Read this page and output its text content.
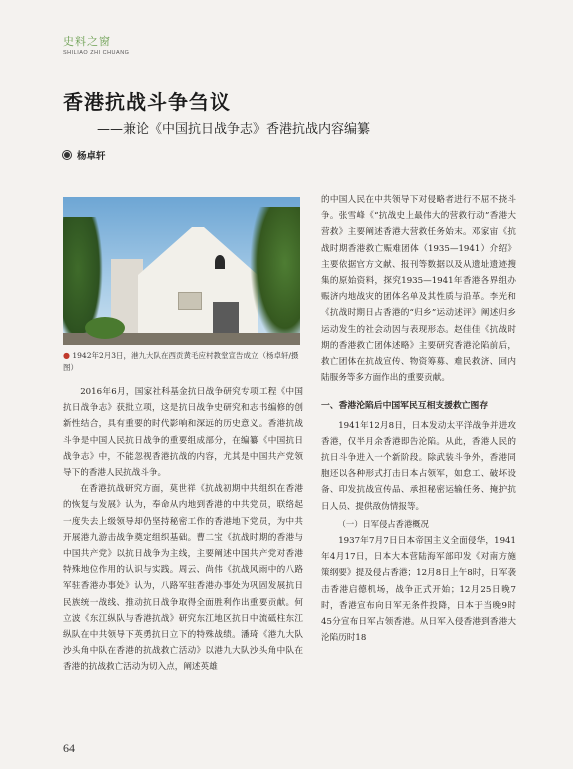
史料之窗
SHILIAO ZHI CHUANG
香港抗战斗争刍议
——兼论《中国抗日战争志》香港抗战内容编纂
杨卓轩
● 1942年2月3日，港九大队在西贡黄毛应村教堂宣告成立（杨卓轩/摄图）

2016年6月，国家社科基金抗日战争研究专项工程《中国抗日战争志》获批立项，这是抗日战争史研究和志书编修的创新性结合，具有重要的时代影响和深远的历史意义。香港抗战斗争是中国人民抗日战争的重要组成部分，在编纂《中国抗日战争志》中，不能忽视香港抗战的内容，尤其是中国共产党领导下的香港人民抗战斗争。

在香港抗战研究方面，莫世祥《抗战初期中共组织在香港的恢复与发展》认为，奉命从内地到香港的中共党员，联络起一度失去上级领导却仍坚持秘密工作的香港地下党员，为中共开展港九游击战争奠定组织基础。曹二宝《抗战时期的香港与中国共产党》以抗日战争为主线，主要阐述中国共产党对香港特殊地位作用的认识与实践。周云、尚伟《抗战风雨中的八路军驻香港办事处》认为，八路军驻香港办事处为巩固发展抗日民族统一战线、推动抗日战争取得全面胜利作出重要贡献。何立波《东江纵队与香港抗战》研究东江地区抗日中流砥柱东江纵队在中共领导下英勇抗日立下的特殊战绩。潘琦《港九大队沙头角中队在香港的抗战救亡活动》以港九大队沙头角中队在香港的抗战救亡活动为切入点，阐述英雄

的中国人民在中共领导下对侵略者进行不屈不挠斗争。张雪峰《“抗战史上最伟大的营救行动”香港大营救》主要阐述香港大营救任务始末。邓家宙《抗战时期香港救亡赈难团体（1935—1941）介绍》主要依据官方文献、报刊等数据以及从遗址遗迹搜集的原始资料，探究1935—1941年香港各界组办赈济内地战灾的团体名单及其性质与沿革。李光和《抗战时期日占香港的“归乡”运动述评》阐述归乡运动发生的社会动因与表现形态。赵佳佳《抗战时期的香港救亡团体述略》主要研究香港沦陷前后，救亡团体在抗战宣传、物资筹募、难民救济、回内陆服务等多方面作出的重要贡献。

一、香港沦陷后中国军民互相支援救亡图存

1941年12月8日，日本发动太平洋战争并进攻香港，仅半月余香港即告沦陷。从此，香港人民的抗日斗争进入一个新阶段。除武装斗争外，香港同胞还以各种形式打击日本占领军，如怠工、破坏设备、印发抗战宣传品、承担秘密运输任务、掩护抗日人员、提供敌伪情报等。

（一）日军侵占香港概况

1937年7月7日日本帝国主义全面侵华，1941年4月17日，日本大本营陆海军部印发《对南方施策纲要》提及侵占香港；12月8日上午8时，日军袭击香港启德机场，战争正式开始；12月25日晚7时，香港宣布向日军无条件投降，日本于当晚9时45分宣布日军占领香港。从日军入侵香港到香港大沦陷历时18

64
